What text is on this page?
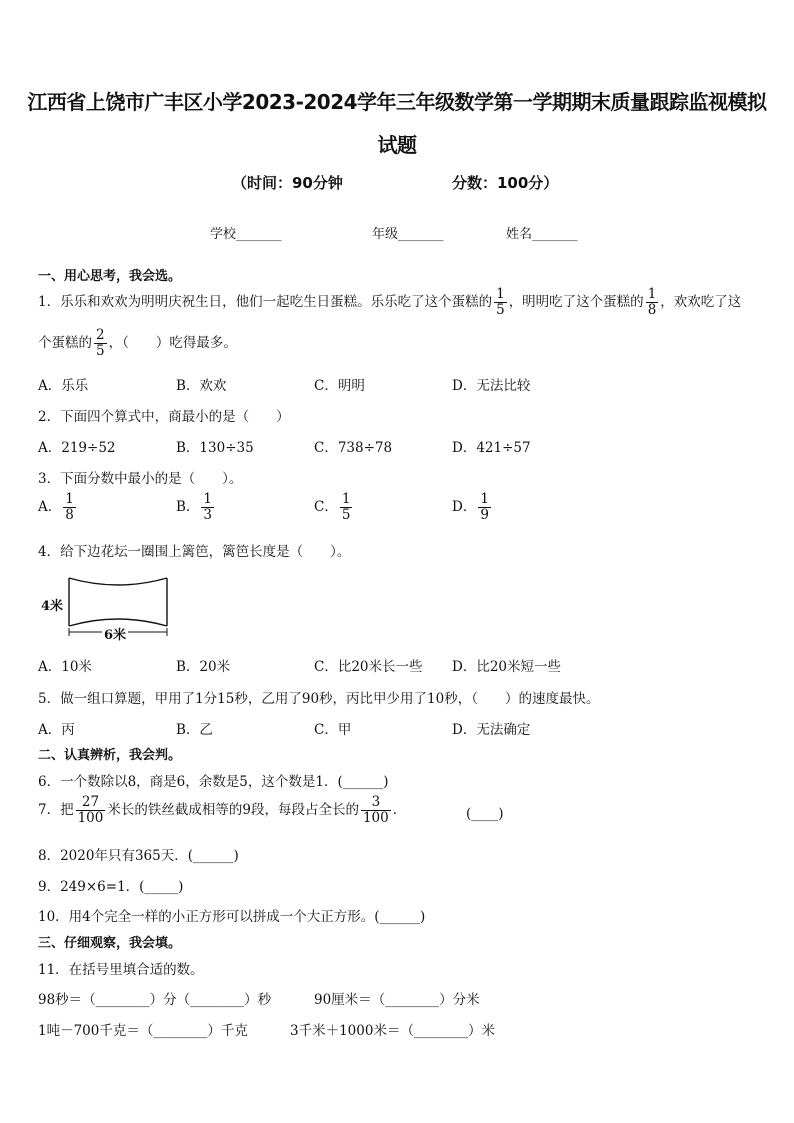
江西省上饶市广丰区小学2023-2024学年三年级数学第一学期期末质量跟踪监视模拟
试题
（时间：90分钟	分数：100分）
学校_______	年级_______	姓名_______
一、用心思考，我会选。
1．乐乐和欢欢为明明庆祝生日，他们一起吃生日蛋糕。乐乐吃了这个蛋糕的 $\frac{1}{5}$ ，明明吃了这个蛋糕的 $\frac{1}{8}$ ，欢欢吃了这
个蛋糕的 $\frac{2}{5}$ ，（　　）吃得最多。
A．乐乐	B．欢欢	C．明明	D．无法比较
2．下面四个算式中，商最小的是（　　）
A．219÷52	B．130÷35	C．738÷78	D．421÷57
3．下面分数中最小的是（　　）。
A． $\frac{1}{8}$	B． $\frac{1}{3}$	C． $\frac{1}{5}$	D． $\frac{1}{9}$
4．给下边花坛一圈围上篱笆，篱笆长度是（　　）。
4米
6米
A．10米	B．20米	C．比20米长一些 D．比20米短一些
5．做一组口算题，甲用了1分15秒，乙用了90秒，丙比甲少用了10秒，（　　）的速度最快。
A．丙	B．乙	C．甲	D．无法确定
二、认真辨析，我会判。
6．一个数除以8，商是6，余数是5，这个数是1．(______)
7．把 $\frac{27}{100}$ 米长的铁丝截成相等的9段，每段占全长的 $\frac{3}{100}$ ．	(____)
8．2020年只有365天．(______)
9．249×6=1．(_____)
10．用4个完全一样的小正方形可以拼成一个大正方形。(______)
三、仔细观察，我会填。
11．在括号里填合适的数。
98秒＝（________）分（________）秒	90厘米＝（________）分米
1吨－700千克＝（________）千克	3千米＋1000米＝（________）米
